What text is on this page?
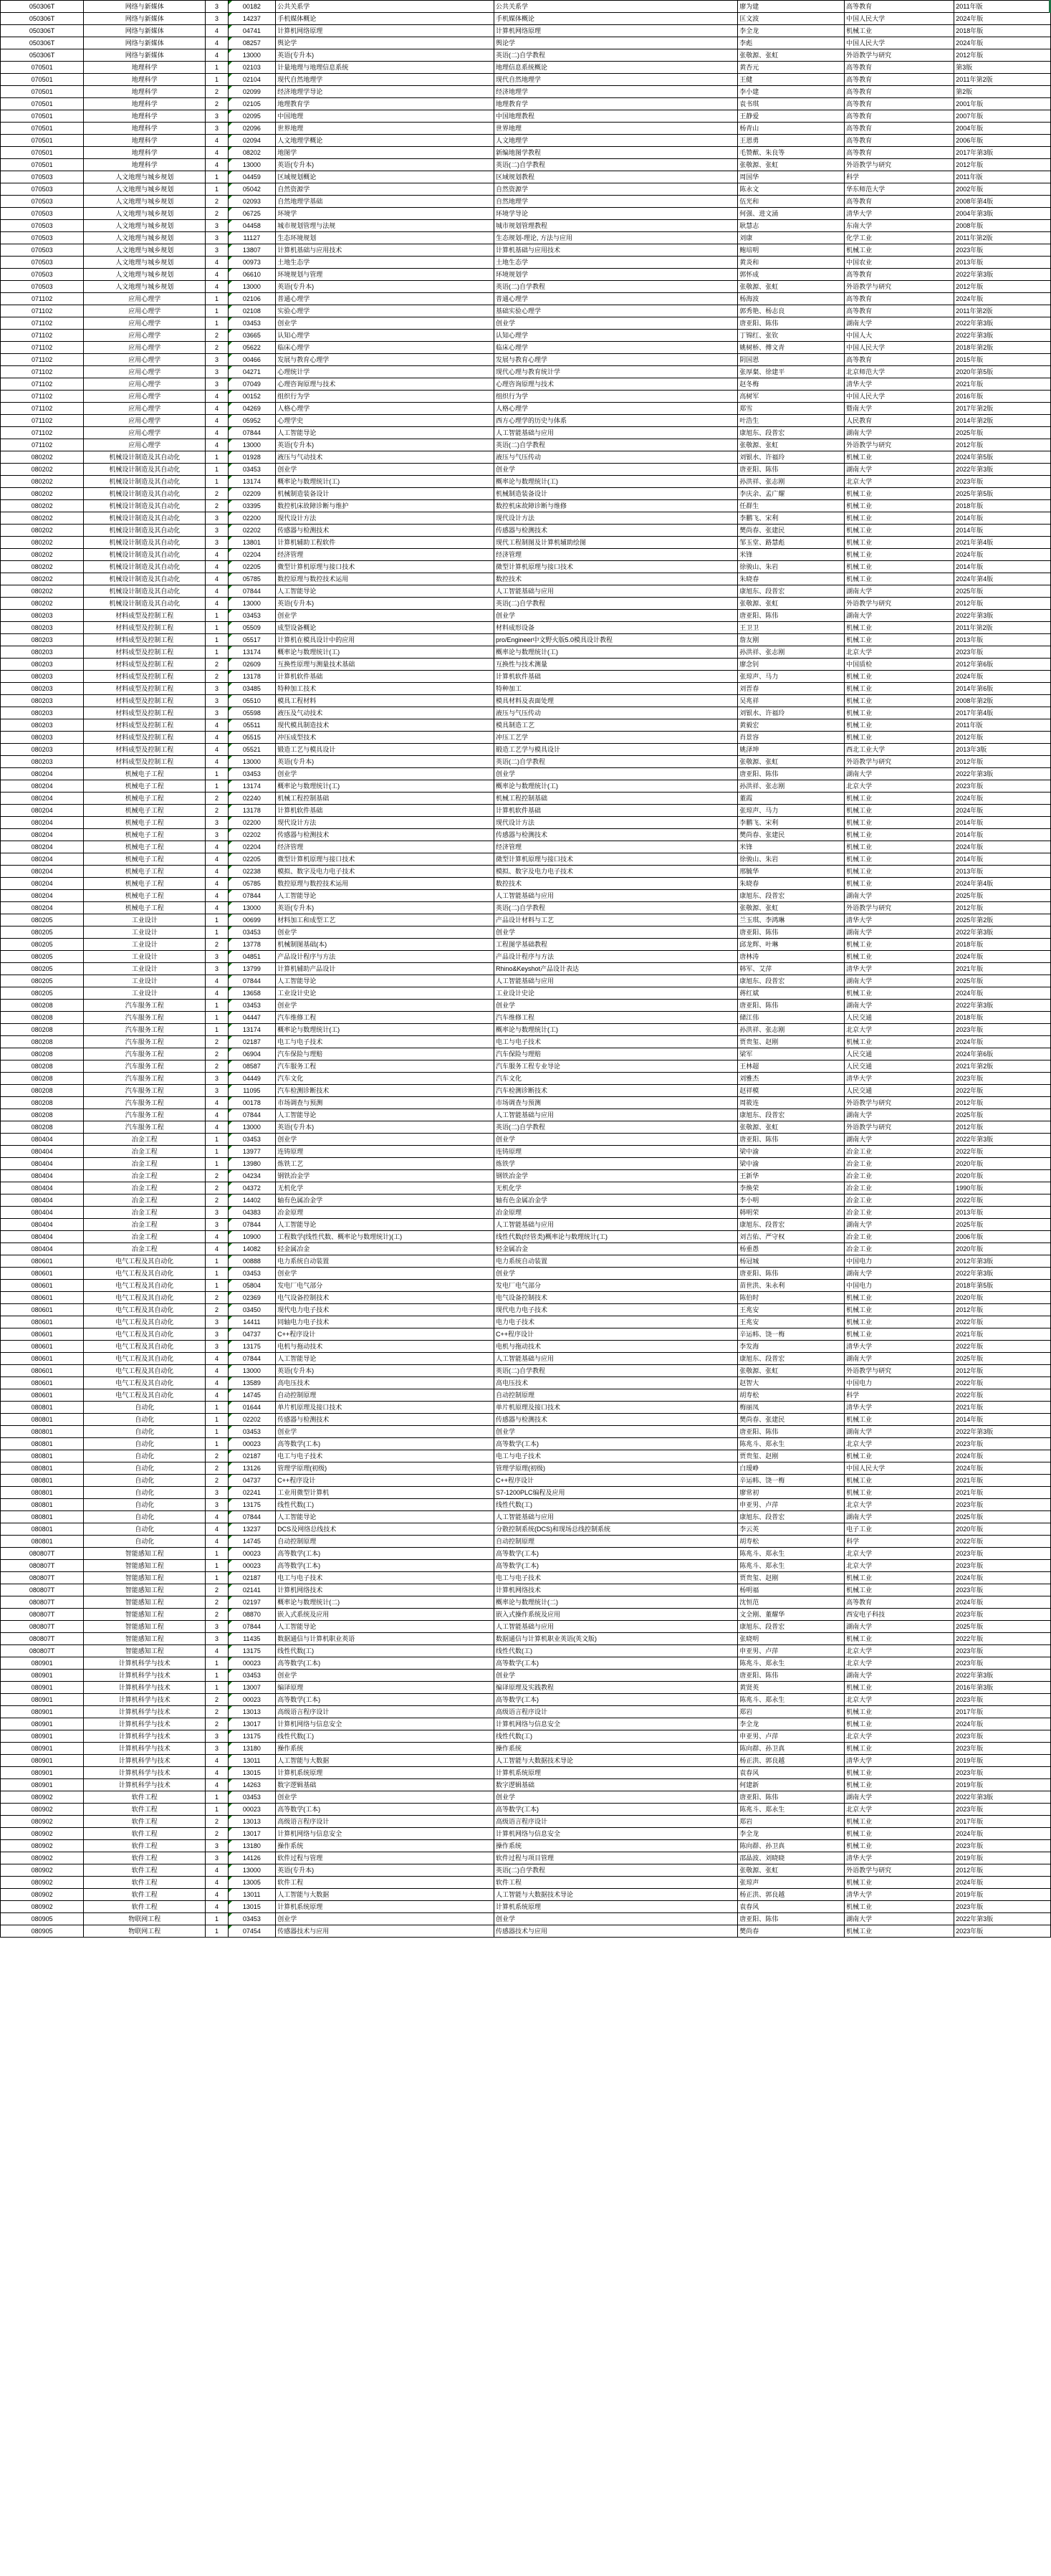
050306T	网络与新媒体	3	00182	公共关系学	公共关系学	廖为建	高等教育	2011年版
050306T	网络与新媒体	3	14237	手机媒体概论	手机媒体概论	匡文波	中国人民大学	2024年版
050306T	网络与新媒体	4	04741	计算机网络原理	计算机网络原理	李全龙	机械工业	2018年版
050306T	网络与新媒体	4	08257	舆论学	舆论学	李彪	中国人民大学	2024年版
050306T	网络与新媒体	4	13000	英语(专升本)	英语(二)自学教程	张敬源、张虹	外语教学与研究	2012年版
070501	地理科学	1	02103	计量地理与地理信息系统	地理信息系统概论	黄杏元	高等教育	第3版
070501	地理科学	1	02104	现代自然地理学	现代自然地理学	王健	高等教育	2011年第2版
070501	地理科学	2	02099	经济地理学导论	经济地理学	李小建	高等教育	第2版
070501	地理科学	2	02105	地理教育学	地理教育学	袁书琪	高等教育	2001年版
070501	地理科学	3	02095	中国地理	中国地理教程	王静爱	高等教育	2007年版
070501	地理科学	3	02096	世界地理	世界地理	杨青山	高等教育	2004年版
070501	地理科学	4	02094	人文地理学概论	人文地理学	王恩勇	高等教育	2006年版
070501	地理科学	4	08202	地图学	新编地图学教程	毛赞猷、朱良等	高等教育	2017年第3版
070501	地理科学	4	13000	英语(专升本)	英语(二)自学教程	张敬源、张虹	外语教学与研究	2012年版
070503	人文地理与城乡规划	1	04459	区域规划概论	区域规划教程	周国华	科学	2011年版
070503	人文地理与城乡规划	1	05042	自然资源学	自然资源学	陈永文	华东师范大学	2002年版
070503	人文地理与城乡规划	2	02093	自然地理学基础	自然地理学	伍光和	高等教育	2008年第4版
070503	人文地理与城乡规划	2	06725	环境学	环境学导论	何强、进文涌	清华大学	2004年第3版
070503	人文地理与城乡规划	3	04458	城市规划管理与法规	城市规划管理教程	耿慧志	东南大学	2008年版
070503	人文地理与城乡规划	3	11127	生态环境规划	生态规划-理论, 方法与应用	刘康	化学工业	2011年第2版
070503	人文地理与城乡规划	3	13807	计算机基础与应用技术	计算机基础与应用技术	鲍培明	机械工业	2023年版
070503	人文地理与城乡规划	4	00973	土地生态学	土地生态学	黄炎和	中国农业	2013年版
070503	人文地理与城乡规划	4	06610	环境规划与管理	环境规划学	郭怀成	高等教育	2022年第3版
070503	人文地理与城乡规划	4	13000	英语(专升本)	英语(二)自学教程	张敬源、张虹	外语教学与研究	2012年版
071102	应用心理学	1	02106	普通心理学	普通心理学	杨海波	高等教育	2024年版
071102	应用心理学	1	02108	实验心理学	基础实验心理学	郭秀艳、杨志良	高等教育	2011年第2版
071102	应用心理学	1	03453	创业学	创业学	唐亚阳、陈伟	湖南大学	2022年第3版
071102	应用心理学	2	03665	认知心理学	认知心理学	丁锦红、张钦	中国人大	2022年第3版
071102	应用心理学	2	05622	临床心理学	临床心理学	姚树桥、傅文青	中国人民大学	2018年第2版
071102	应用心理学	3	00466	发展与教育心理学	发展与教育心理学	阴国恩	高等教育	2015年版
071102	应用心理学	3	04271	心理统计学	现代心理与教育统计学	张厚粲、徐建平	北京师范大学	2020年第5版
071102	应用心理学	3	07049	心理咨询原理与技术	心理咨询原理与技术	赵冬梅	清华大学	2021年版
071102	应用心理学	4	00152	组织行为学	组织行为学	高树军	中国人民大学	2016年版
071102	应用心理学	4	04269	人格心理学	人格心理学	郑雪	暨南大学	2017年第2版
071102	应用心理学	4	05952	心理学史	西方心理学的历史与体系	叶浩生	人民教育	2014年第2版
071102	应用心理学	4	07844	人工智能导论	人工智能基础与应用	康旭东、段普宏	湖南大学	2025年版
071102	应用心理学	4	13000	英语(专升本)	英语(二)自学教程	张敬源、张虹	外语教学与研究	2012年版
080202	机械设计制造及其自动化	1	01928	液压与气动技术	液压与气压传动	刘银水、许福玲	机械工业	2024年第5版
080202	机械设计制造及其自动化	1	03453	创业学	创业学	唐亚阳、陈伟	湖南大学	2022年第3版
080202	机械设计制造及其自动化	1	13174	概率论与数理统计(工)	概率论与数理统计(工)	孙洪祥、张志刚	北京大学	2023年版
080202	机械设计制造及其自动化	2	02209	机械制造装备设计	机械制造装备设计	李庆余、孟广耀	机械工业	2025年第5版
080202	机械设计制造及其自动化	2	03395	数控机床故障诊断与维护	数控机床故障诊断与维修	任群生	机械工业	2018年版
080202	机械设计制造及其自动化	3	02200	现代设计方法	现代设计方法	李鹏飞、宋利	机械工业	2014年版
080202	机械设计制造及其自动化	3	02202	传感器与检测技术	传感器与检测技术	樊尚春、张建民	机械工业	2014年版
080202	机械设计制造及其自动化	3	13801	计算机辅助工程软件	现代工程制图及计算机辅助绘图	邹玉堂、路慧彪	机械工业	2021年第4版
080202	机械设计制造及其自动化	4	02204	经济管理	经济管理	米锋	机械工业	2024年版
080202	机械设计制造及其自动化	4	02205	微型计算机原理与接口技术	微型计算机原理与接口技术	徐骏山、朱岩	机械工业	2014年版
080202	机械设计制造及其自动化	4	05785	数控原理与数控技术运用	数控技术	朱晓春	机械工业	2024年第4版
080202	机械设计制造及其自动化	4	07844	人工智能导论	人工智能基础与应用	康旭东、段普宏	湖南大学	2025年版
080202	机械设计制造及其自动化	4	13000	英语(专升本)	英语(二)自学教程	张敬源、张虹	外语教学与研究	2012年版
080203	材料成型及控制工程	1	03453	创业学	创业学	唐亚阳、陈伟	湖南大学	2022年第3版
080203	材料成型及控制工程	1	05509	成型设备概论	材料成形设备	王卫卫	机械工业	2011年第2版
080203	材料成型及控制工程	1	05517	计算机在模具设计中的应用	pro/Engineer中文野火版5.0模具设计教程	詹友刚	机械工业	2013年版
080203	材料成型及控制工程	1	13174	概率论与数理统计(工)	概率论与数理统计(工)	孙洪祥、张志刚	北京大学	2023年版
080203	材料成型及控制工程	2	02609	互换性原理与测量技术基础	互换性与技术测量	廖念钊	中国质检	2012年第6版
080203	材料成型及控制工程	2	13178	计算机软件基础	计算机软件基础	张琼声、马力	机械工业	2024年版
080203	材料成型及控制工程	3	03485	特种加工技术	特种加工	刘晋春	机械工业	2014年第6版
080203	材料成型及控制工程	3	05510	模具工程材料	模具材料及表面处理	吴兆祥	机械工业	2008年第2版
080203	材料成型及控制工程	3	05598	液压及气动技术	液压与气压传动	刘银水、许福玲	机械工业	2017年第4版
080203	材料成型及控制工程	4	05511	现代模具制造技术	模具制造工艺	黄毅宏	机械工业	2011年版
080203	材料成型及控制工程	4	05515	冲压成型技术	冲压工艺学	肖景容	机械工业	2012年版
080203	材料成型及控制工程	4	05521	锻造工艺与模具设计	锻造工艺学与模具设计	姚泽坤	西北工业大学	2013年3版
080203	材料成型及控制工程	4	13000	英语(专升本)	英语(二)自学教程	张敬源、张虹	外语教学与研究	2012年版
080204	机械电子工程	1	03453	创业学	创业学	唐亚阳、陈伟	湖南大学	2022年第3版
080204	机械电子工程	1	13174	概率论与数理统计(工)	概率论与数理统计(工)	孙洪祥、张志刚	北京大学	2023年版
080204	机械电子工程	2	02240	机械工程控制基础	机械工程控制基础	董霞	机械工业	2024年版
080204	机械电子工程	2	13178	计算机软件基础	计算机软件基础	张琼声、马力	机械工业	2024年版
080204	机械电子工程	3	02200	现代设计方法	现代设计方法	李鹏飞、宋利	机械工业	2014年版
080204	机械电子工程	3	02202	传感器与检测技术	传感器与检测技术	樊尚春、张建民	机械工业	2014年版
080204	机械电子工程	4	02204	经济管理	经济管理	米锋	机械工业	2024年版
080204	机械电子工程	4	02205	微型计算机原理与接口技术	微型计算机原理与接口技术	徐骏山、朱岩	机械工业	2014年版
080204	机械电子工程	4	02238	模拟、数字及电力电子技术	模拟、数字及电力电子技术	邢毓华	机械工业	2013年版
080204	机械电子工程	4	05785	数控原理与数控技术运用	数控技术	朱晓春	机械工业	2024年第4版
080204	机械电子工程	4	07844	人工智能导论	人工智能基础与应用	康旭东、段普宏	湖南大学	2025年版
080204	机械电子工程	4	13000	英语(专升本)	英语(二)自学教程	张敬源、张虹	外语教学与研究	2012年版
080205	工业设计	1	00699	材料加工和成型工艺	产品设计材料与工艺	兰玉琪、李鸿琳	清华大学	2025年第2版
080205	工业设计	1	03453	创业学	创业学	唐亚阳、陈伟	湖南大学	2022年第3版
080205	工业设计	2	13778	机械制图基础(本)	工程图学基础教程	邱龙辉、叶琳	机械工业	2018年版
080205	工业设计	3	04851	产品设计程序与方法	产品设计程序与方法	唐林涛	机械工业	2024年版
080205	工业设计	3	13799	计算机辅助产品设计	Rhino&Keyshot产品设计表达	韩军、艾萍	清华大学	2021年版
080205	工业设计	4	07844	人工智能导论	人工智能基础与应用	康旭东、段普宏	湖南大学	2025年版
080205	工业设计	4	13658	工业设计史论	工业设计史论	蒋红斌	机械工业	2024年版
080208	汽车服务工程	1	03453	创业学	创业学	唐亚阳、陈伟	湖南大学	2022年第3版
080208	汽车服务工程	1	04447	汽车维修工程	汽车维修工程	储江伟	人民交通	2018年版
080208	汽车服务工程	1	13174	概率论与数理统计(工)	概率论与数理统计(工)	孙洪祥、张志刚	北京大学	2023年版
080208	汽车服务工程	2	02187	电工与电子技术	电工与电子技术	贾贵玺、赵刚	机械工业	2024年版
080208	汽车服务工程	2	06904	汽车保险与理赔	汽车保险与理赔	梁军	人民交通	2024年第6版
080208	汽车服务工程	2	08587	汽车服务工程	汽车服务工程专业导论	王林超	人民交通	2021年第2版
080208	汽车服务工程	3	04449	汽车文化	汽车文化	刘雅杰	清华大学	2023年版
080208	汽车服务工程	3	11095	汽车检测诊断技术	汽车检测诊断技术	赵祥模	人民交通	2022年版
080208	汽车服务工程	4	00178	市场调查与预测	市场调查与预测	周筱连	外语教学与研究	2012年版
080208	汽车服务工程	4	07844	人工智能导论	人工智能基础与应用	康旭东、段普宏	湖南大学	2025年版
080208	汽车服务工程	4	13000	英语(专升本)	英语(二)自学教程	张敬源、张虹	外语教学与研究	2012年版
080404	冶金工程	1	03453	创业学	创业学	唐亚阳、陈伟	湖南大学	2022年第3版
080404	冶金工程	1	13977	连铸原理	连铸原理	梁中渝	冶金工业	2022年版
080404	冶金工程	1	13980	炼铁工艺	炼铁学	梁中渝	冶金工业	2020年版
080404	冶金工程	2	04234	钢铁冶金学	钢铁冶金学	王新华	冶金工业	2020年版
080404	冶金工程	2	04372	无机化学	无机化学	李焕荣	冶金工业	1990年版
080404	冶金工程	2	14402	轴有色属冶金学	轴有色金属冶金学	李小明	冶金工业	2022年版
080404	冶金工程	3	04383	冶金原理	冶金原理	韩明荣	冶金工业	2013年版
080404	冶金工程	3	07844	人工智能导论	人工智能基础与应用	康旭东、段普宏	湖南大学	2025年版
080404	冶金工程	4	10900	工程数学(线性代数、概率论与数理统计)(工)	线性代数(经管类)概率论与数理统计(工)	刘吉佑、严守权	冶金工业	2006年版
080404	冶金工程	4	14082	轻金属冶金	轻金属冶金	杨重愚	冶金工业	2020年版
080601	电气工程及其自动化	1	00888	电力系统自动装置	电力系统自动装置	杨冠城	中国电力	2012年第3版
080601	电气工程及其自动化	1	03453	创业学	创业学	唐亚阳、陈伟	湖南大学	2022年第3版
080601	电气工程及其自动化	1	05804	发电厂电气部分	发电厂电气部分	苗世洪、朱永利	中国电力	2018年第5版
080601	电气工程及其自动化	2	02369	电气设备控制技术	电气设备控制技术	陈伯时	机械工业	2020年版
080601	电气工程及其自动化	2	03450	现代电力电子技术	现代电力电子技术	王兆安	机械工业	2012年版
080601	电气工程及其自动化	3	14411	同轴电力电子技术	电力电子技术	王兆安	机械工业	2022年版
080601	电气工程及其自动化	3	04737	C++程序设计	C++程序设计	辛运帏、饶一梅	机械工业	2021年版
080601	电气工程及其自动化	3	13175	电机与拖动技术	电机与拖动技术	李发海	清华大学	2022年版
080601	电气工程及其自动化	4	07844	人工智能导论	人工智能基础与应用	康旭东、段普宏	湖南大学	2025年版
080601	电气工程及其自动化	4	13000	英语(专升本)	英语(二)自学教程	张敬源、张虹	外语教学与研究	2012年版
080601	电气工程及其自动化	4	13589	高电压技术	高电压技术	赵智大	中国电力	2022年版
080601	电气工程及其自动化	4	14745	自动控制原理	自动控制原理	胡寿松	科学	2022年版
080801	自动化	1	01644	单片机原理及接口技术	单片机原理及接口技术	梅丽凤	清华大学	2021年版
080801	自动化	1	02202	传感器与检测技术	传感器与检测技术	樊尚春、张建民	机械工业	2014年版
080801	自动化	1	03453	创业学	创业学	唐亚阳、陈伟	湖南大学	2022年第3版
080801	自动化	1	00023	高等数学(工本)	高等数学(工本)	陈兆斗、郑永生	北京大学	2023年版
080801	自动化	2	02187	电工与电子技术	电工与电子技术	贾贵玺、赵刚	机械工业	2024年版
080801	自动化	2	13126	管理学原理(初级)	管理学原理(初级)	白瑷峥	中国人民大学	2024年版
080801	自动化	2	04737	C++程序设计	C++程序设计	辛运帏、饶一梅	机械工业	2021年版
080801	自动化	3	02241	工业用微型计算机	S7-1200PLC编程及应用	廖常初	机械工业	2021年版
080801	自动化	3	13175	线性代数(工)	线性代数(工)	申亚男、卢萍	北京大学	2023年版
080801	自动化	4	07844	人工智能导论	人工智能基础与应用	康旭东、段普宏	湖南大学	2025年版
080801	自动化	4	13237	DCS及网络总线技术	分散控制系统(DCS)和现场总线控制系统	李云英	电子工业	2020年版
080801	自动化	4	14745	自动控制原理	自动控制原理	胡寿松	科学	2022年版
080807T	智能感知工程	1	00023	高等数学(工本)	高等数学(工本)	陈兆斗、郑永生	北京大学	2023年版
080807T	智能感知工程	1	00023	高等数学(工本)	高等数学(工本)	陈兆斗、郑永生	北京大学	2023年版
080807T	智能感知工程	1	02187	电工与电子技术	电工与电子技术	贾贵玺、赵刚	机械工业	2024年版
080807T	智能感知工程	2	02141	计算机网络技术	计算机网络技术	杨明福	机械工业	2023年版
080807T	智能感知工程	2	02197	概率论与数理统计(二)	概率论与数理统计(二)	沈恒范	高等教育	2024年版
080807T	智能感知工程	2	08870	嵌入式系统及应用	嵌入式操作系统及应用	文全刚、董耀华	西安电子科技	2023年版
080807T	智能感知工程	3	07844	人工智能导论	人工智能基础与应用	康旭东、段普宏	湖南大学	2025年版
080807T	智能感知工程	3	11435	数据通信与计算机职业英语	数据通信与计算机职业英语(英文版)	张晓明	机械工业	2022年版
080807T	智能感知工程	4	13175	线性代数(工)	线性代数(工)	申亚男、卢萍	北京大学	2023年版
080901	计算机科学与技术	1	00023	高等数学(工本)	高等数学(工本)	陈兆斗、郑永生	北京大学	2023年版
080901	计算机科学与技术	1	03453	创业学	创业学	唐亚阳、陈伟	湖南大学	2022年第3版
080901	计算机科学与技术	1	13007	编译原理	编译原理及实践教程	黄贤英	机械工业	2016年第3版
080901	计算机科学与技术	2	00023	高等数学(工本)	高等数学(工本)	陈兆斗、郑永生	北京大学	2023年版
080901	计算机科学与技术	2	13013	高级语言程序设计	高级语言程序设计	郑岩	机械工业	2017年版
080901	计算机科学与技术	2	13017	计算机网络与信息安全	计算机网络与信息安全	李全龙	机械工业	2024年版
080901	计算机科学与技术	3	13175	线性代数(工)	线性代数(工)	申亚男、卢萍	北京大学	2023年版
080901	计算机科学与技术	3	13180	操作系统	操作系统	陈向群、孙卫真	机械工业	2023年版
080901	计算机科学与技术	4	13011	人工智能与大数据	人工智能与大数据技术导论	杨正洪、郭良越	清华大学	2019年版
080901	计算机科学与技术	4	13015	计算机系统原理	计算机系统原理	袁春风	机械工业	2023年版
080901	计算机科学与技术	4	14263	数字逻辑基础	数字逻辑基础	何建新	机械工业	2019年版
080902	软件工程	1	03453	创业学	创业学	唐亚阳、陈伟	湖南大学	2022年第3版
080902	软件工程	1	00023	高等数学(工本)	高等数学(工本)	陈兆斗、郑永生	北京大学	2023年版
080902	软件工程	2	13013	高级语言程序设计	高级语言程序设计	郑岩	机械工业	2017年版
080902	软件工程	2	13017	计算机网络与信息安全	计算机网络与信息安全	李全龙	机械工业	2024年版
080902	软件工程	3	13180	操作系统	操作系统	陈向群、孙卫真	机械工业	2023年版
080902	软件工程	3	14126	软件过程与管理	软件过程与项目管理	邵晶波、刘晓晓	清华大学	2019年版
080902	软件工程	4	13000	英语(专升本)	英语(二)自学教程	张敬源、张虹	外语教学与研究	2012年版
080902	软件工程	4	13005	软件工程	软件工程	张琼声	机械工业	2024年版
080902	软件工程	4	13011	人工智能与大数据	人工智能与大数据技术导论	杨正洪、郭良越	清华大学	2019年版
080902	软件工程	4	13015	计算机系统原理	计算机系统原理	袁春风	机械工业	2023年版
080905	物联网工程	1	03453	创业学	创业学	唐亚阳、陈伟	湖南大学	2022年第3版
080905	物联网工程	1	07454	传感器技术与应用	传感器技术与应用	樊尚春	机械工业	2023年版
